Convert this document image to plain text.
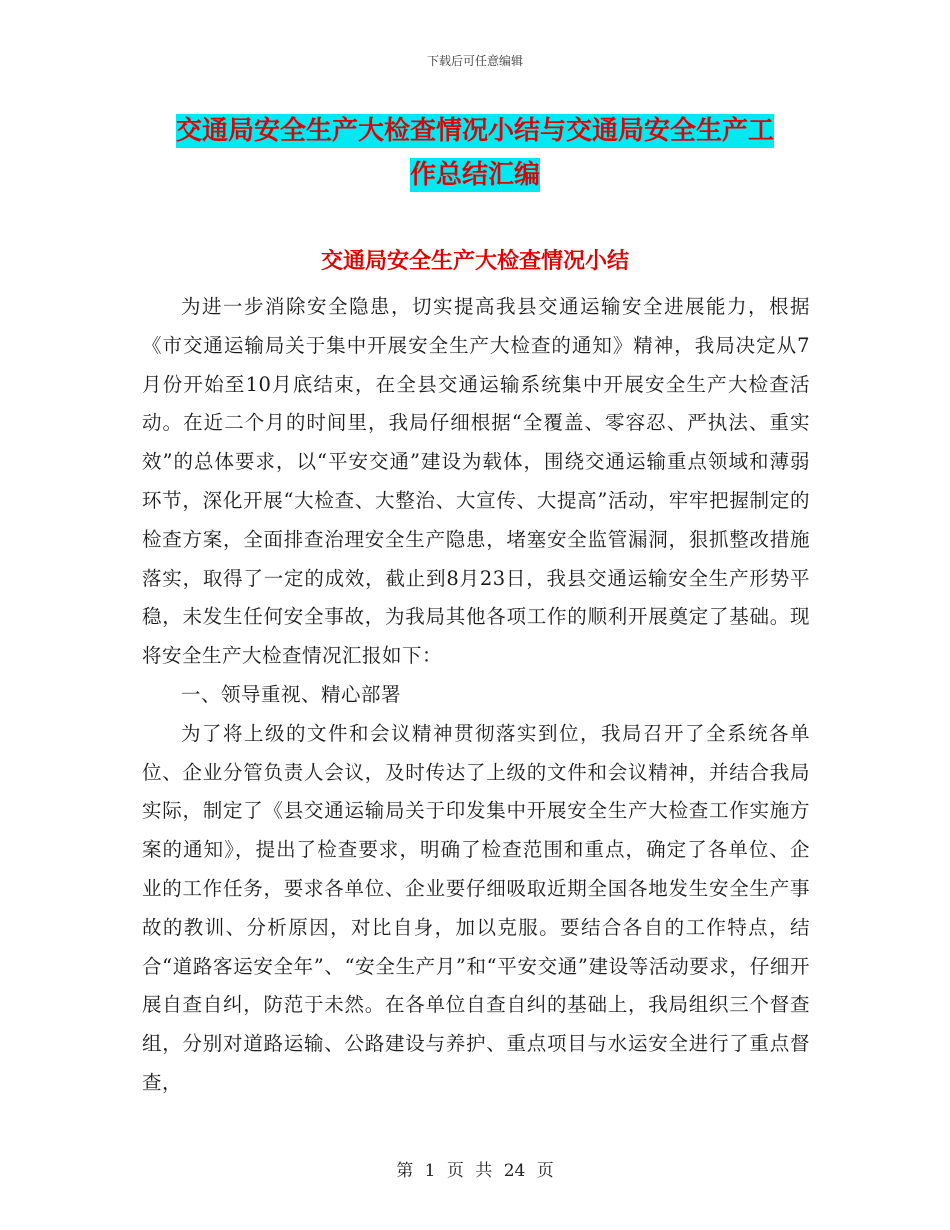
下载后可任意编辑
交通局安全生产大检查情况小结与交通局安全生产工
作总结汇编
交通局安全生产大检查情况小结

为进一步消除安全隐患，切实提高我县交通运输安全进展能力，根据《市交通运输局关于集中开展安全生产大检查的通知》精神，我局决定从7月份开始至10月底结束，在全县交通运输系统集中开展安全生产大检查活动。在近二个月的时间里，我局仔细根据“全覆盖、零容忍、严执法、重实效”的总体要求，以“平安交通”建设为载体，围绕交通运输重点领域和薄弱环节，深化开展“大检查、大整治、大宣传、大提高”活动，牢牢把握制定的检查方案，全面排查治理安全生产隐患，堵塞安全监管漏洞，狠抓整改措施落实，取得了一定的成效，截止到8月23日，我县交通运输安全生产形势平稳，未发生任何安全事故，为我局其他各项工作的顺利开展奠定了基础。现将安全生产大检查情况汇报如下：

一、领导重视、精心部署

为了将上级的文件和会议精神贯彻落实到位，我局召开了全系统各单位、企业分管负责人会议，及时传达了上级的文件和会议精神，并结合我局实际，制定了《县交通运输局关于印发集中开展安全生产大检查工作实施方案的通知》，提出了检查要求，明确了检查范围和重点，确定了各单位、企业的工作任务，要求各单位、企业要仔细吸取近期全国各地发生安全生产事故的教训、分析原因，对比自身，加以克服。要结合各自的工作特点，结合“道路客运安全年”、“安全生产月”和“平安交通”建设等活动要求，仔细开展自查自纠，防范于未然。在各单位自查自纠的基础上，我局组织三个督查组，分别对道路运输、公路建设与养护、重点项目与水运安全进行了重点督查，

第 1 页 共 24 页
